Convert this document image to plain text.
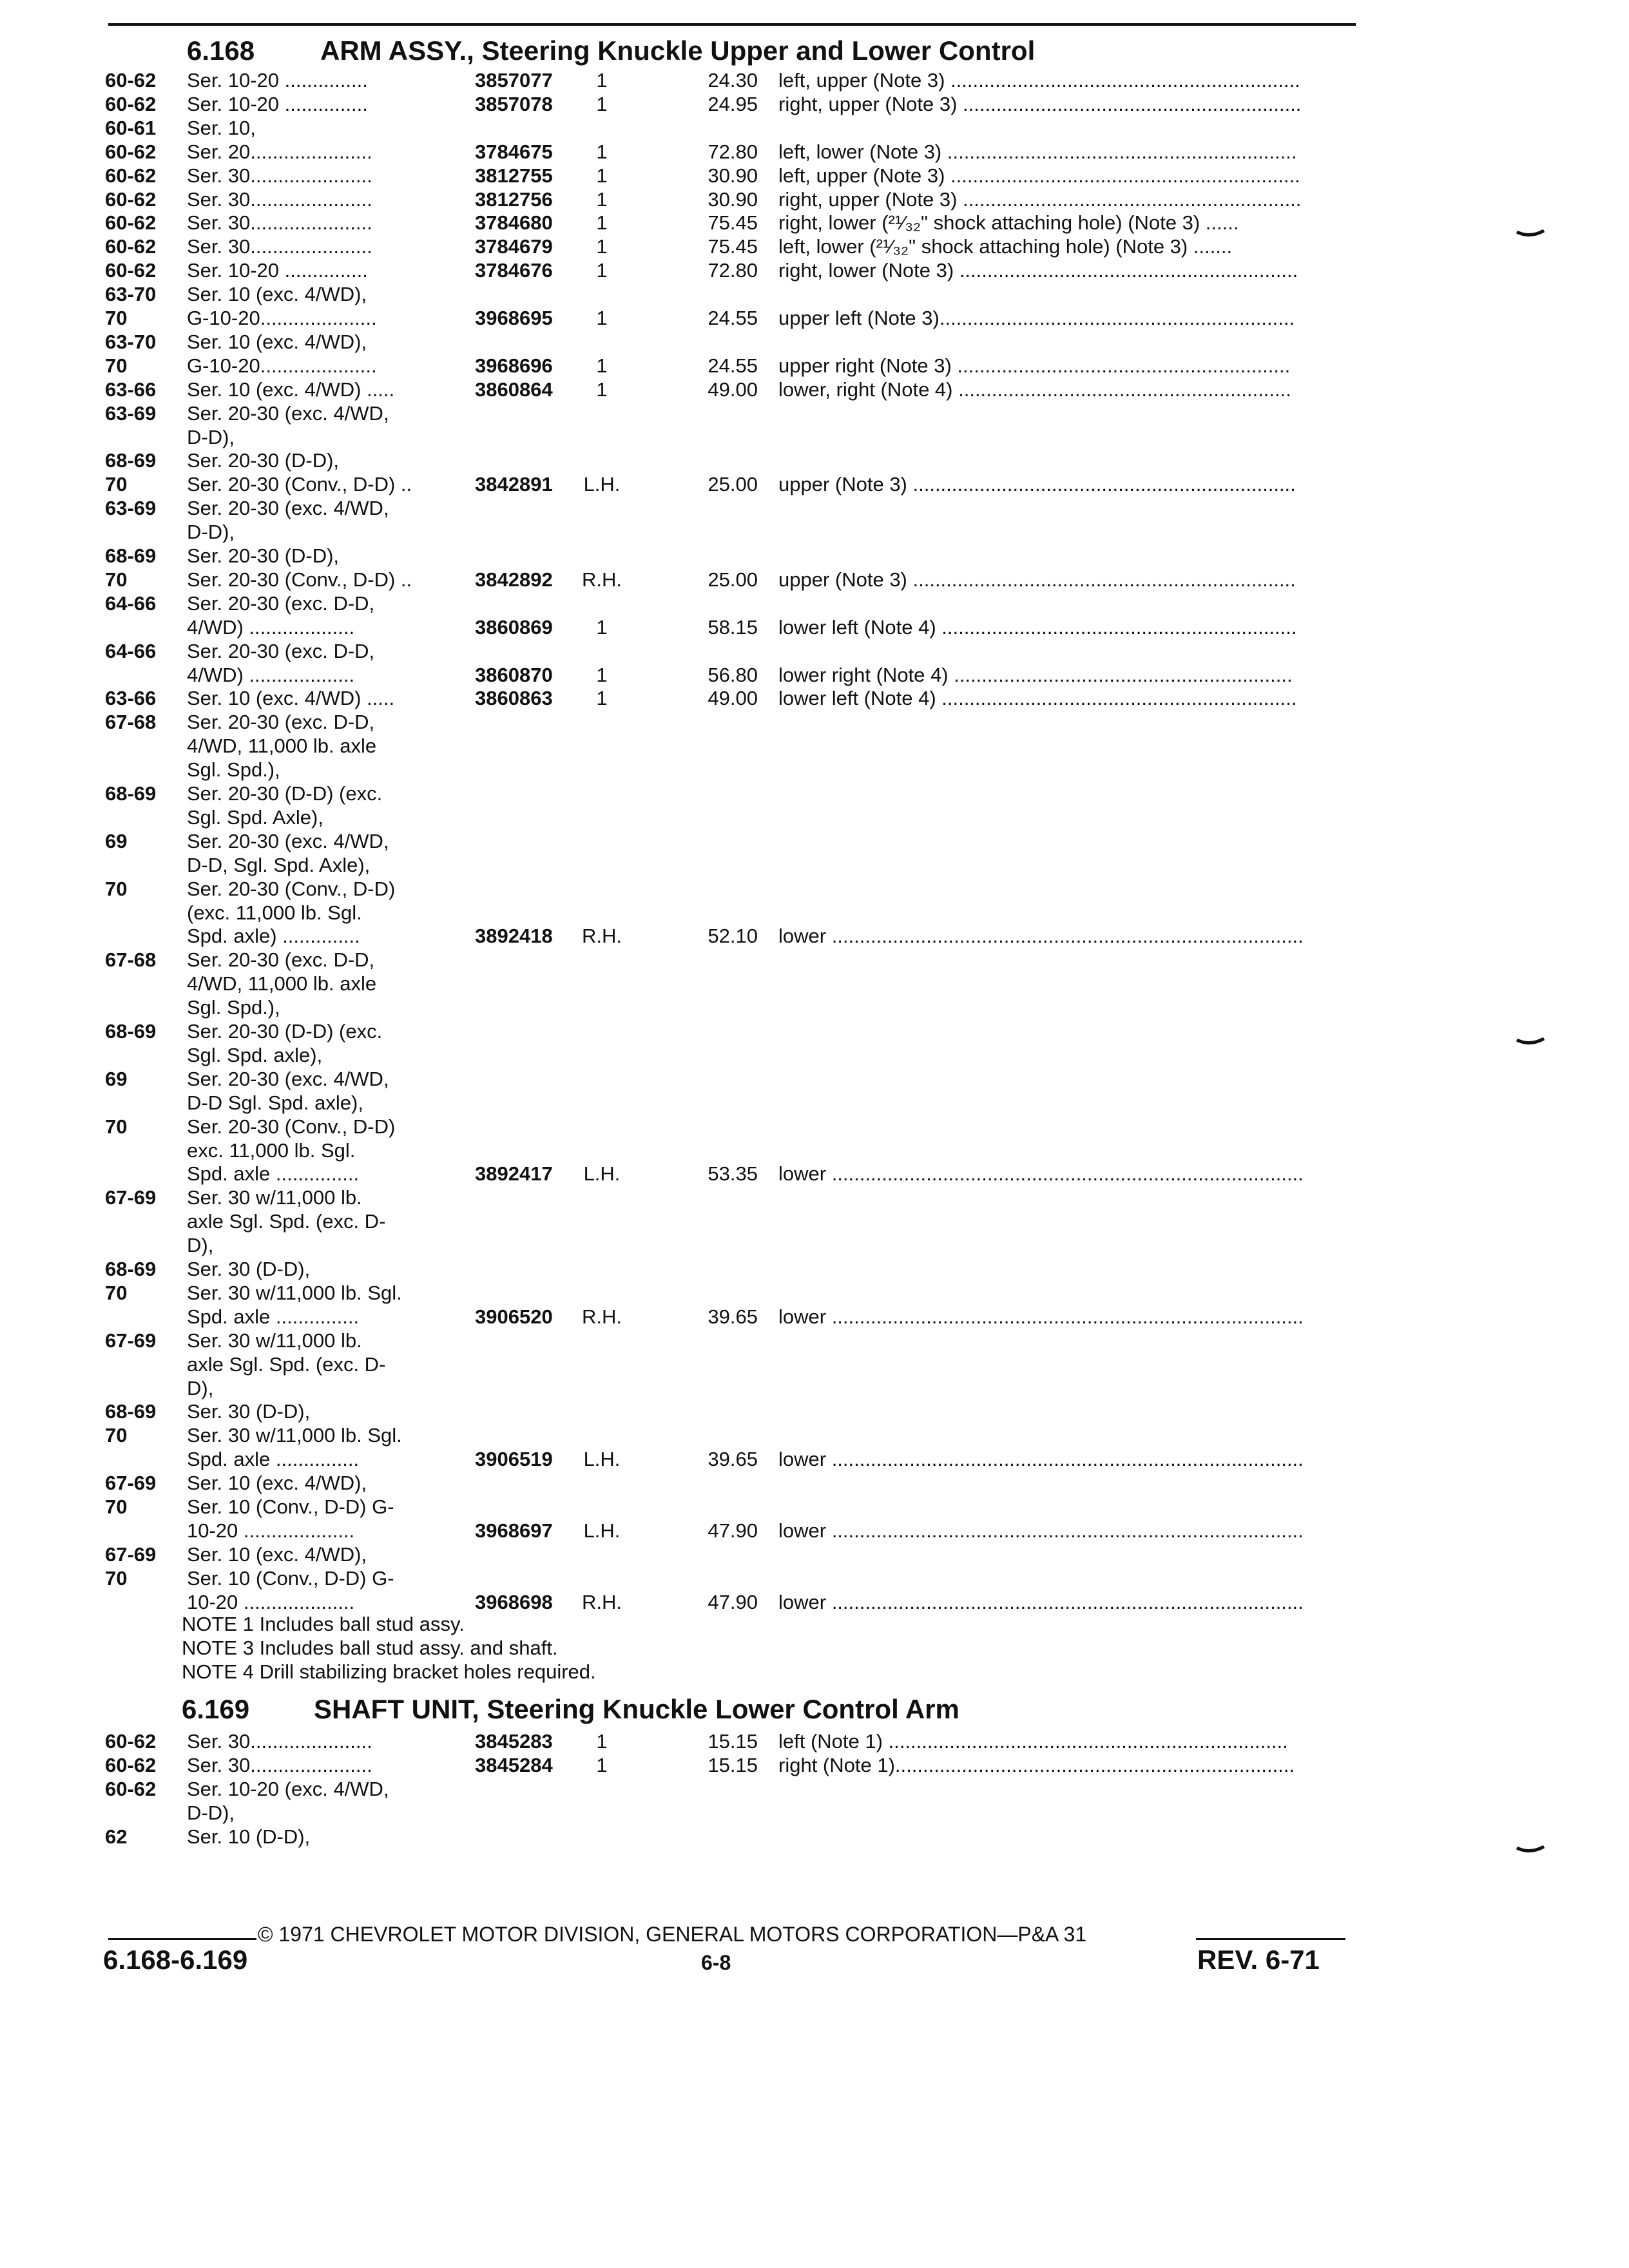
6.168 ARM ASSY., Steering Knuckle Upper and Lower Control
60-62 Ser. 10-20 ...............	3857077	1	24.30 left, upper (Note 3) ...............................................................
60-62 Ser. 10-20 ...............	3857078	1	24.95 right, upper (Note 3) .............................................................
60-61 Ser. 10,
60-62 Ser. 20......................	3784675	1	72.80 left, lower (Note 3) ...............................................................
60-62 Ser. 30......................	3812755	1	30.90 left, upper (Note 3) ...............................................................
60-62 Ser. 30......................	3812756	1	30.90 right, upper (Note 3) .............................................................
60-62 Ser. 30......................	3784680	1	75.45 right, lower (²¹⁄₃₂" shock attaching hole) (Note 3) ......
60-62 Ser. 30......................	3784679	1	75.45 left, lower (²¹⁄₃₂" shock attaching hole) (Note 3) .......
60-62 Ser. 10-20 ...............	3784676	1	72.80 right, lower (Note 3) .............................................................
63-70 Ser. 10 (exc. 4/WD),
70	G-10-20.....................	3968695	1	24.55 upper left (Note 3)................................................................
63-70 Ser. 10 (exc. 4/WD),
70	G-10-20.....................	3968696	1	24.55 upper right (Note 3) ............................................................
63-66 Ser. 10 (exc. 4/WD) .....	3860864	1	49.00 lower, right (Note 4) ............................................................
63-69 Ser. 20-30 (exc. 4/WD,
D-D),
68-69 Ser. 20-30 (D-D),
70	Ser. 20-30 (Conv., D-D) ..	3842891 L.H.	25.00 upper (Note 3) .....................................................................
63-69 Ser. 20-30 (exc. 4/WD,
D-D),
68-69 Ser. 20-30 (D-D),
70	Ser. 20-30 (Conv., D-D) ..	3842892 R.H.	25.00 upper (Note 3) .....................................................................
64-66 Ser. 20-30 (exc. D-D,
4/WD) ...................	3860869	1	58.15 lower left (Note 4) ................................................................
64-66 Ser. 20-30 (exc. D-D,
4/WD) ...................	3860870	1	56.80 lower right (Note 4) .............................................................
63-66 Ser. 10 (exc. 4/WD) .....	3860863	1	49.00 lower left (Note 4) ................................................................
67-68 Ser. 20-30 (exc. D-D,
4/WD, 11,000 lb. axle
Sgl. Spd.),
68-69 Ser. 20-30 (D-D) (exc.
Sgl. Spd. Axle),
69	Ser. 20-30 (exc. 4/WD,
D-D, Sgl. Spd. Axle),
70	Ser. 20-30 (Conv., D-D)
(exc. 11,000 lb. Sgl.
Spd. axle) ..............	3892418 R.H.	52.10 lower .....................................................................................
67-68 Ser. 20-30 (exc. D-D,
4/WD, 11,000 lb. axle
Sgl. Spd.),
68-69 Ser. 20-30 (D-D) (exc.
Sgl. Spd. axle),
69	Ser. 20-30 (exc. 4/WD,
D-D Sgl. Spd. axle),
70	Ser. 20-30 (Conv., D-D)
exc. 11,000 lb. Sgl.
Spd. axle ...............	3892417 L.H.	53.35 lower .....................................................................................
67-69 Ser. 30 w/11,000 lb.
axle Sgl. Spd. (exc. D-
D),
68-69 Ser. 30 (D-D),
70	Ser. 30 w/11,000 lb. Sgl.
Spd. axle ...............	3906520 R.H.	39.65 lower .....................................................................................
67-69 Ser. 30 w/11,000 lb.
axle Sgl. Spd. (exc. D-
D),
68-69 Ser. 30 (D-D),
70	Ser. 30 w/11,000 lb. Sgl.
Spd. axle ...............	3906519 L.H.	39.65 lower .....................................................................................
67-69 Ser. 10 (exc. 4/WD),
70	Ser. 10 (Conv., D-D) G-
10-20 ....................	3968697 L.H.	47.90 lower .....................................................................................
67-69 Ser. 10 (exc. 4/WD),
70	Ser. 10 (Conv., D-D) G-
10-20 ....................	3968698 R.H.	47.90 lower .....................................................................................
NOTE 1 Includes ball stud assy.
NOTE 3 Includes ball stud assy. and shaft.
NOTE 4 Drill stabilizing bracket holes required.
6.169 SHAFT UNIT, Steering Knuckle Lower Control Arm
60-62 Ser. 30......................	3845283	1	15.15 left (Note 1) ........................................................................
60-62 Ser. 30......................	3845284	1	15.15 right (Note 1)........................................................................
60-62 Ser. 10-20 (exc. 4/WD,
D-D),
62	Ser. 10 (D-D),
© 1971 CHEVROLET MOTOR DIVISION, GENERAL MOTORS CORPORATION—P&A 31
6.168-6.169	6-8	REV. 6-71
